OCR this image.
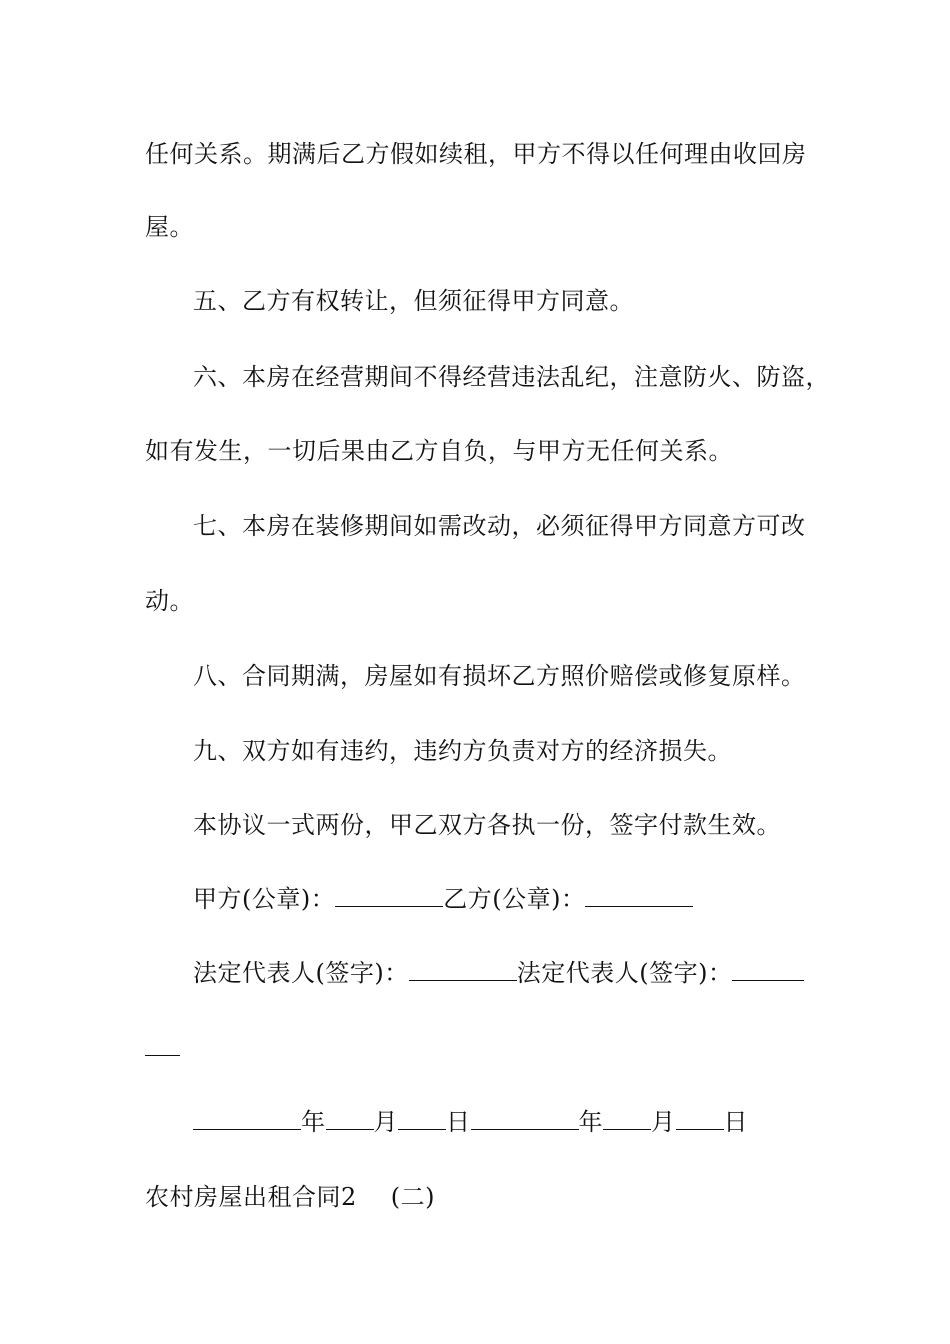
任何关系。期满后乙方假如续租，甲方不得以任何理由收回房
屋。
五、乙方有权转让，但须征得甲方同意。
六、本房在经营期间不得经营违法乱纪，注意防火、防盗，
如有发生，一切后果由乙方自负，与甲方无任何关系。
七、本房在装修期间如需改动，必须征得甲方同意方可改
动。
八、合同期满，房屋如有损坏乙方照价赔偿或修复原样。
九、双方如有违约，违约方负责对方的经济损失。
本协议一式两份，甲乙双方各执一份，签字付款生效。
甲方(公章)：	乙方(公章)：
法定代表人(签字)：	法定代表人(签字)：
年 月 日	年 月 日
农村房屋出租合同2 (二)
